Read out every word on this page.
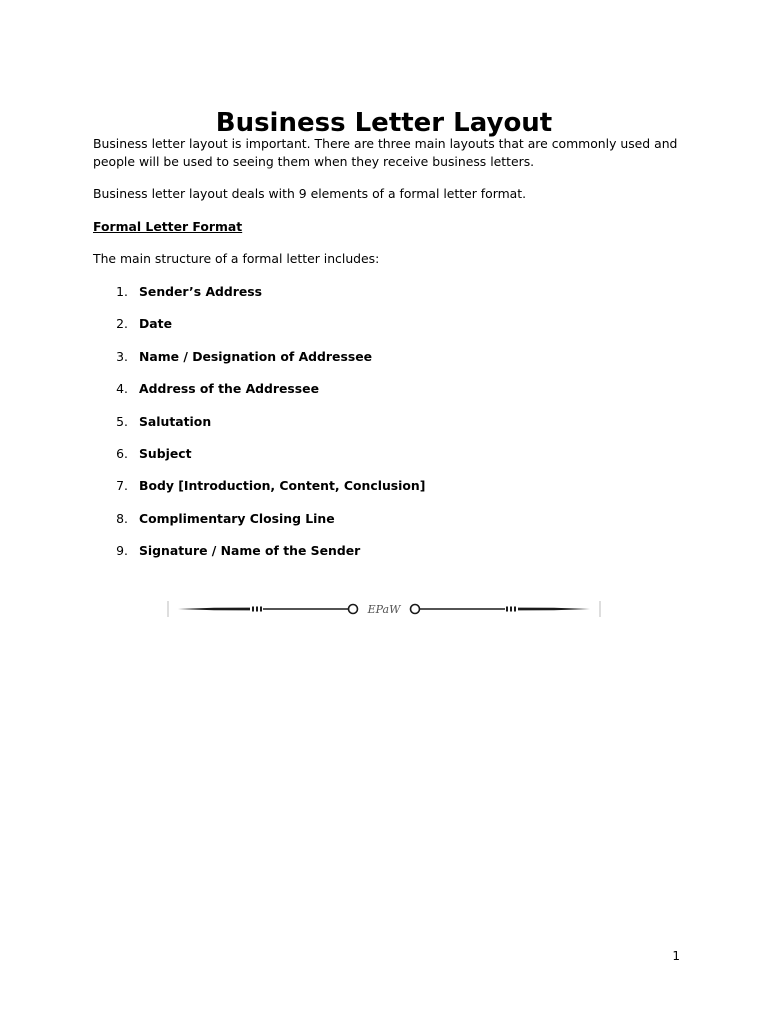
Business Letter Layout

Business letter layout is important. There are three main layouts that are commonly used and people will be used to seeing them when they receive business letters.

Business letter layout deals with 9 elements of a formal letter format.

Formal Letter Format

The main structure of a formal letter includes:

1. Sender’s Address
2. Date
3. Name / Designation of Addressee
4. Address of the Addressee
5. Salutation
6. Subject
7. Body [Introduction, Content, Conclusion]
8. Complimentary Closing Line
9. Signature / Name of the Sender
EPaW
1
